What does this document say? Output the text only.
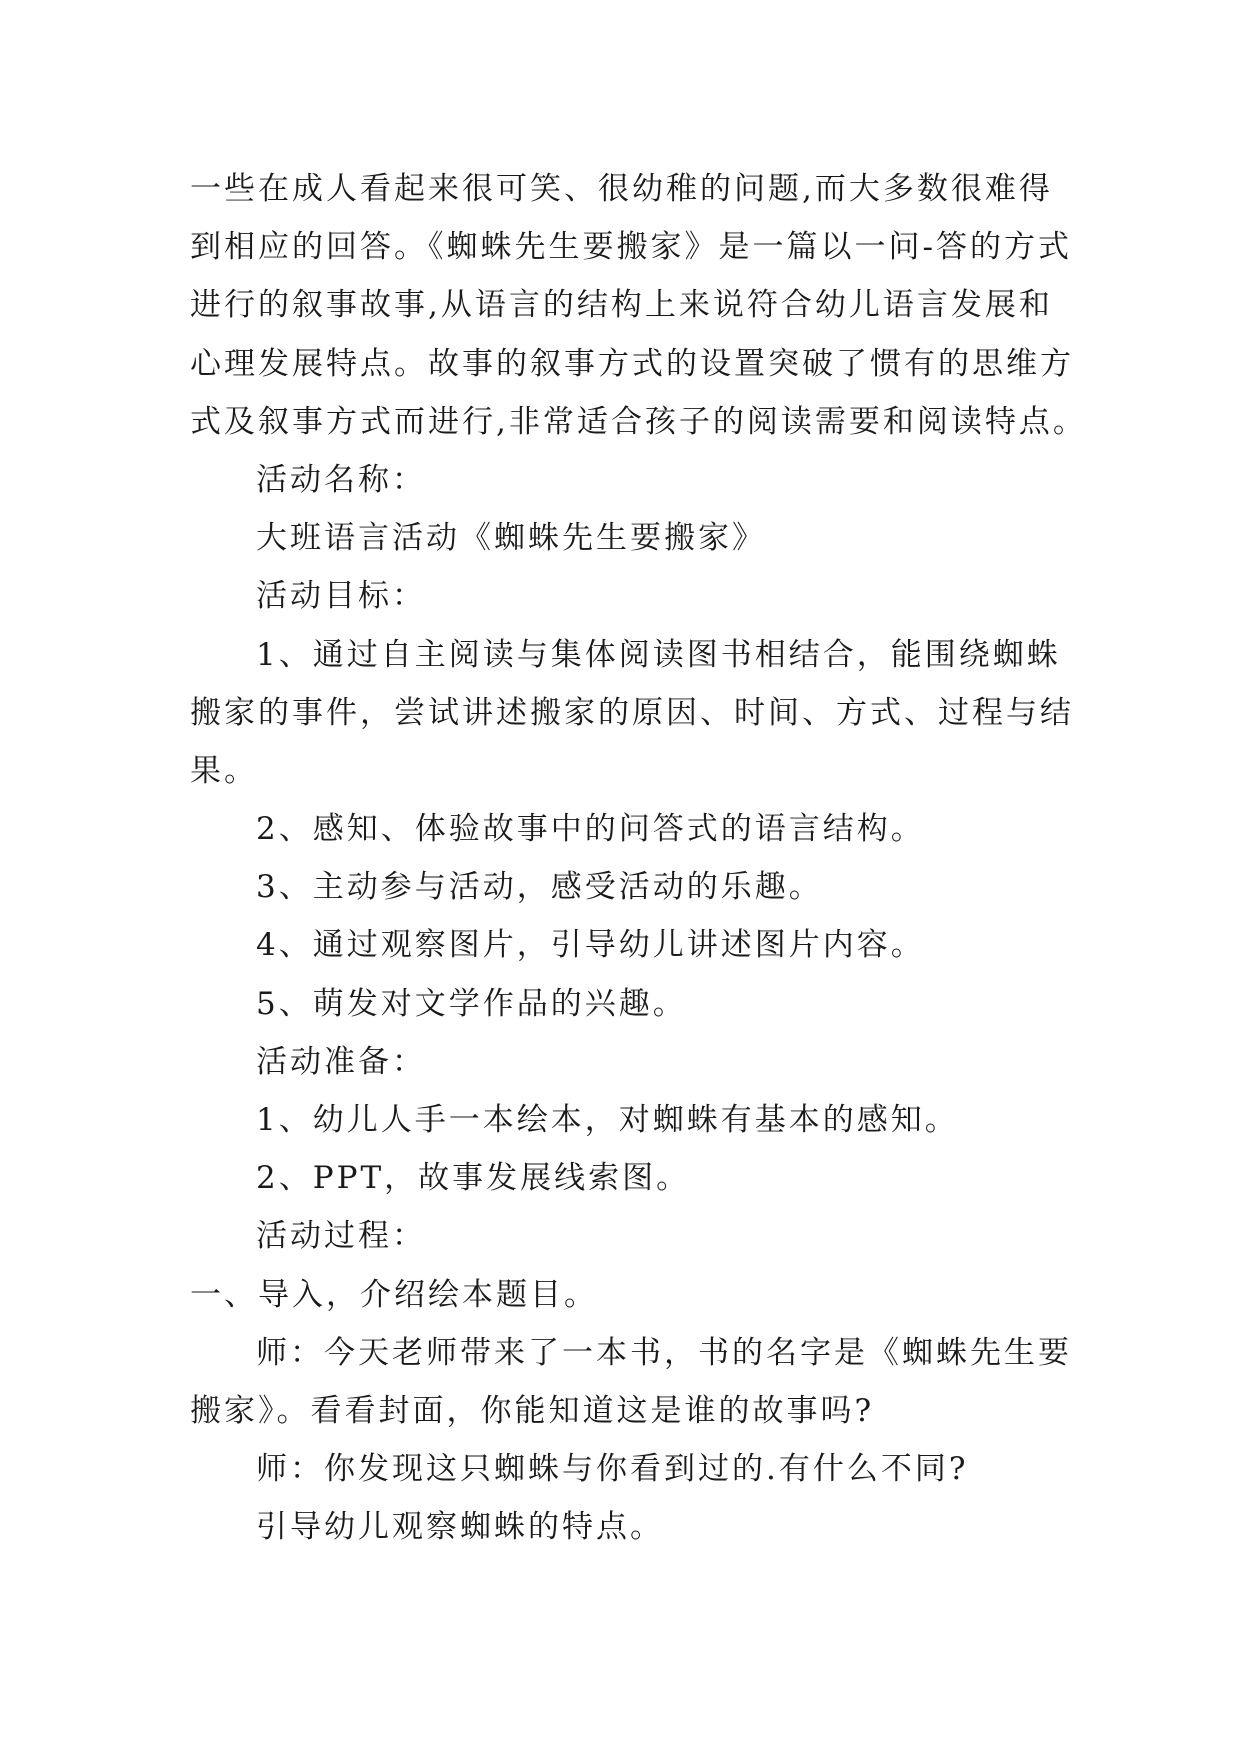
一些在成人看起来很可笑、很幼稚的问题,而大多数很难得
到相应的回答。《蜘蛛先生要搬家》是一篇以一问-答的方式
进行的叙事故事,从语言的结构上来说符合幼儿语言发展和
心理发展特点。故事的叙事方式的设置突破了惯有的思维方
式及叙事方式而进行,非常适合孩子的阅读需要和阅读特点。
活动名称：
大班语言活动《蜘蛛先生要搬家》
活动目标：
1、通过自主阅读与集体阅读图书相结合，能围绕蜘蛛
搬家的事件，尝试讲述搬家的原因、时间、方式、过程与结
果。
2、感知、体验故事中的问答式的语言结构。
3、主动参与活动，感受活动的乐趣。
4、通过观察图片，引导幼儿讲述图片内容。
5、萌发对文学作品的兴趣。
活动准备：
1、幼儿人手一本绘本，对蜘蛛有基本的感知。
2、PPT，故事发展线索图。
活动过程：
一、导入，介绍绘本题目。
师：今天老师带来了一本书，书的名字是《蜘蛛先生要
搬家》。看看封面，你能知道这是谁的故事吗?
师：你发现这只蜘蛛与你看到过的.有什么不同?
引导幼儿观察蜘蛛的特点。
